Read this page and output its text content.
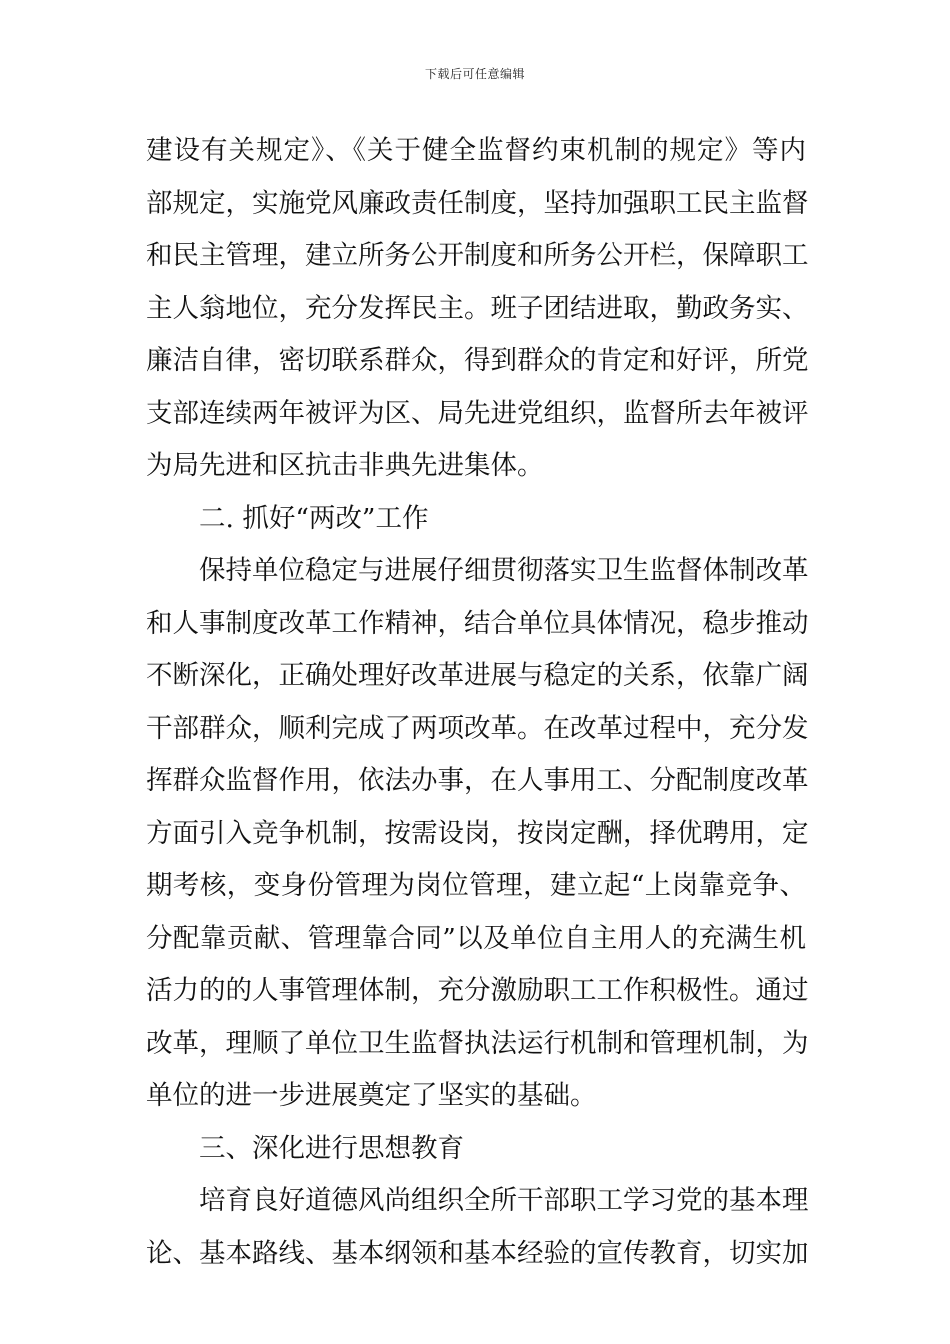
下载后可任意编辑
建设有关规定》、《关于健全监督约束机制的规定》等内
部规定，实施党风廉政责任制度，坚持加强职工民主监督
和民主管理，建立所务公开制度和所务公开栏，保障职工
主人翁地位，充分发挥民主。班子团结进取，勤政务实、
廉洁自律，密切联系群众，得到群众的肯定和好评，所党
支部连续两年被评为区、局先进党组织，监督所去年被评
为局先进和区抗击非典先进集体。
二. 抓好“两改”工作
保持单位稳定与进展仔细贯彻落实卫生监督体制改革
和人事制度改革工作精神，结合单位具体情况，稳步推动
不断深化，正确处理好改革进展与稳定的关系，依靠广阔
干部群众，顺利完成了两项改革。在改革过程中，充分发
挥群众监督作用，依法办事，在人事用工、分配制度改革
方面引入竞争机制，按需设岗，按岗定酬，择优聘用，定
期考核，变身份管理为岗位管理，建立起“上岗靠竞争、
分配靠贡献、管理靠合同”以及单位自主用人的充满生机
活力的的人事管理体制，充分激励职工工作积极性。通过
改革，理顺了单位卫生监督执法运行机制和管理机制，为
单位的进一步进展奠定了坚实的基础。
三、深化进行思想教育
培育良好道德风尚组织全所干部职工学习党的基本理
论、基本路线、基本纲领和基本经验的宣传教育，切实加
